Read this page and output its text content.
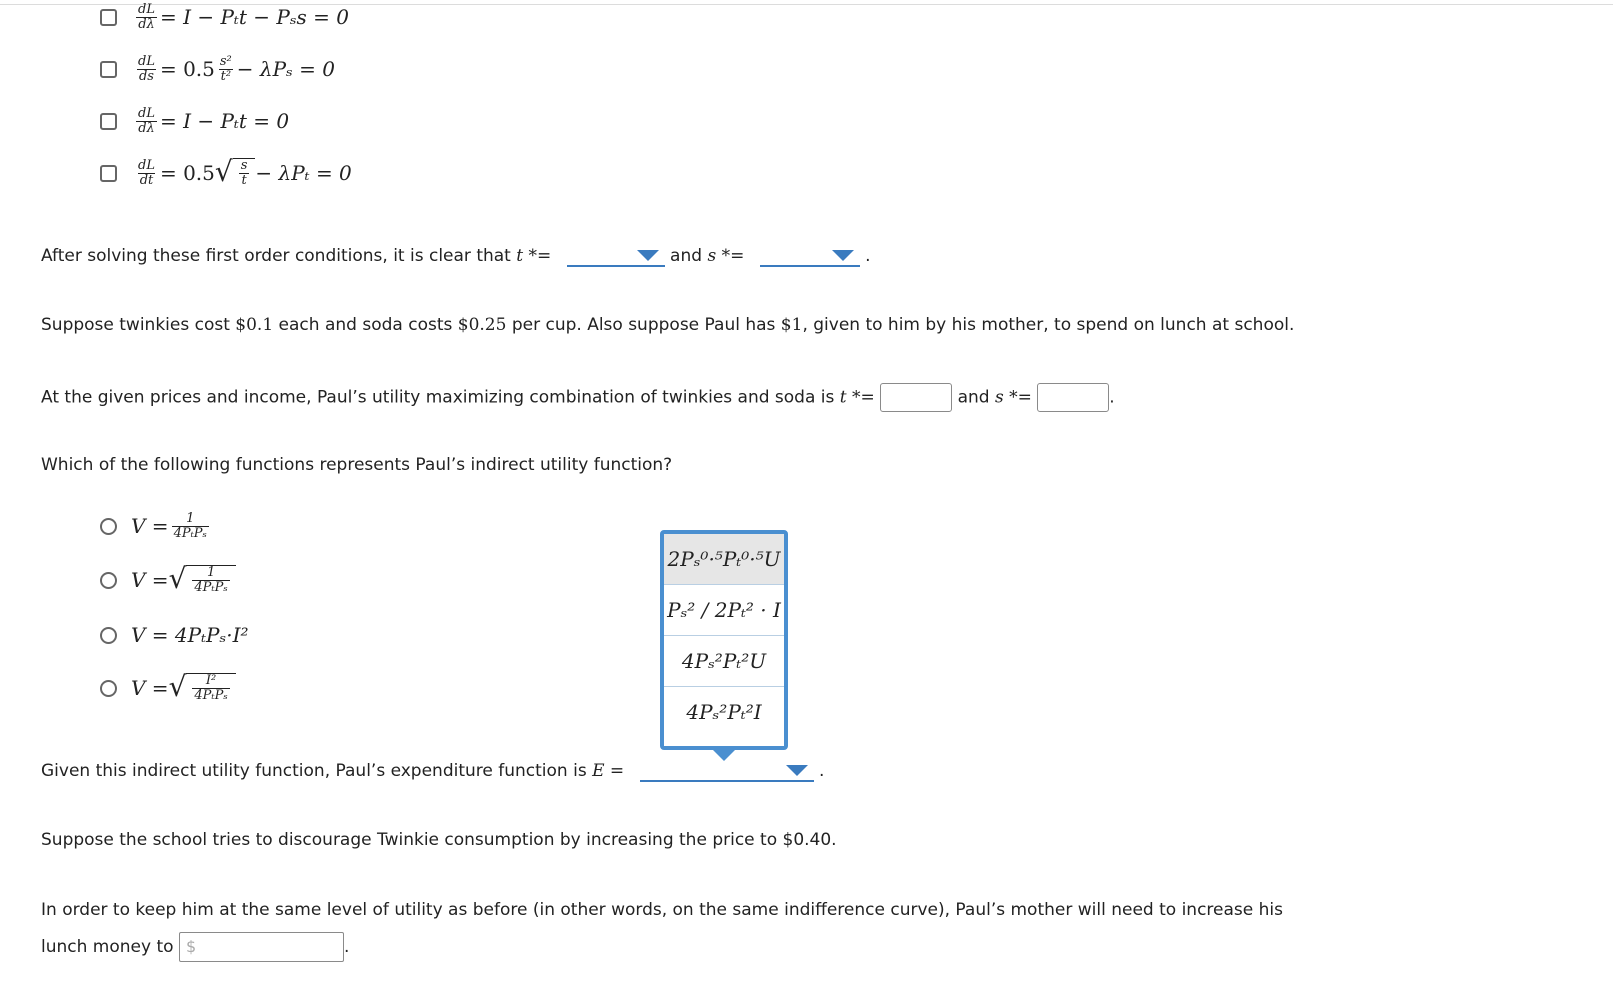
$\frac{dL}{d\lambda} = I - P_tt - P_ss = 0$
$\frac{dL}{ds} = 0.5 \frac{\text{s²}}{\text{t²}} - \lambda P_s = 0$
$\frac{dL}{d\lambda} = I - P_tt = 0$
$\frac{dL}{dt} = 0.5$ √ $\frac{s}{t} - \lambda P_t = 0$
After solving these first order conditions, it is clear that t *=	and s *=	.
Suppose twinkies cost $0.1 each and soda costs $0.25 per cup. Also suppose Paul has $1, given to him by his mother, to spend on lunch at school.
At the given prices and income, Paul’s utility maximizing combination of twinkies and soda is t *=	and s *=	.
Which of the following functions represents Paul’s indirect utility function?
$V = \frac{1}{\text{4PₜPₛ}}$
V = √ $\frac{1}{\text{4PₜPₛ}}$
V = 4PₜPₛ·I²
V = √ $\frac{\text{I²}}{\text{4PₜPₛ}}$
2Pₛ⁰·⁵Pₜ⁰·⁵U
Pₛ² / 2Pₜ² · I
4Pₛ²Pₜ²U
4Pₛ²Pₜ²I
Given this indirect utility function, Paul’s expenditure function is E =	.
Suppose the school tries to discourage Twinkie consumption by increasing the price to $0.40.
In order to keep him at the same level of utility as before (in other words, on the same indifference curve), Paul’s mother will need to increase his
lunch money to $	.
